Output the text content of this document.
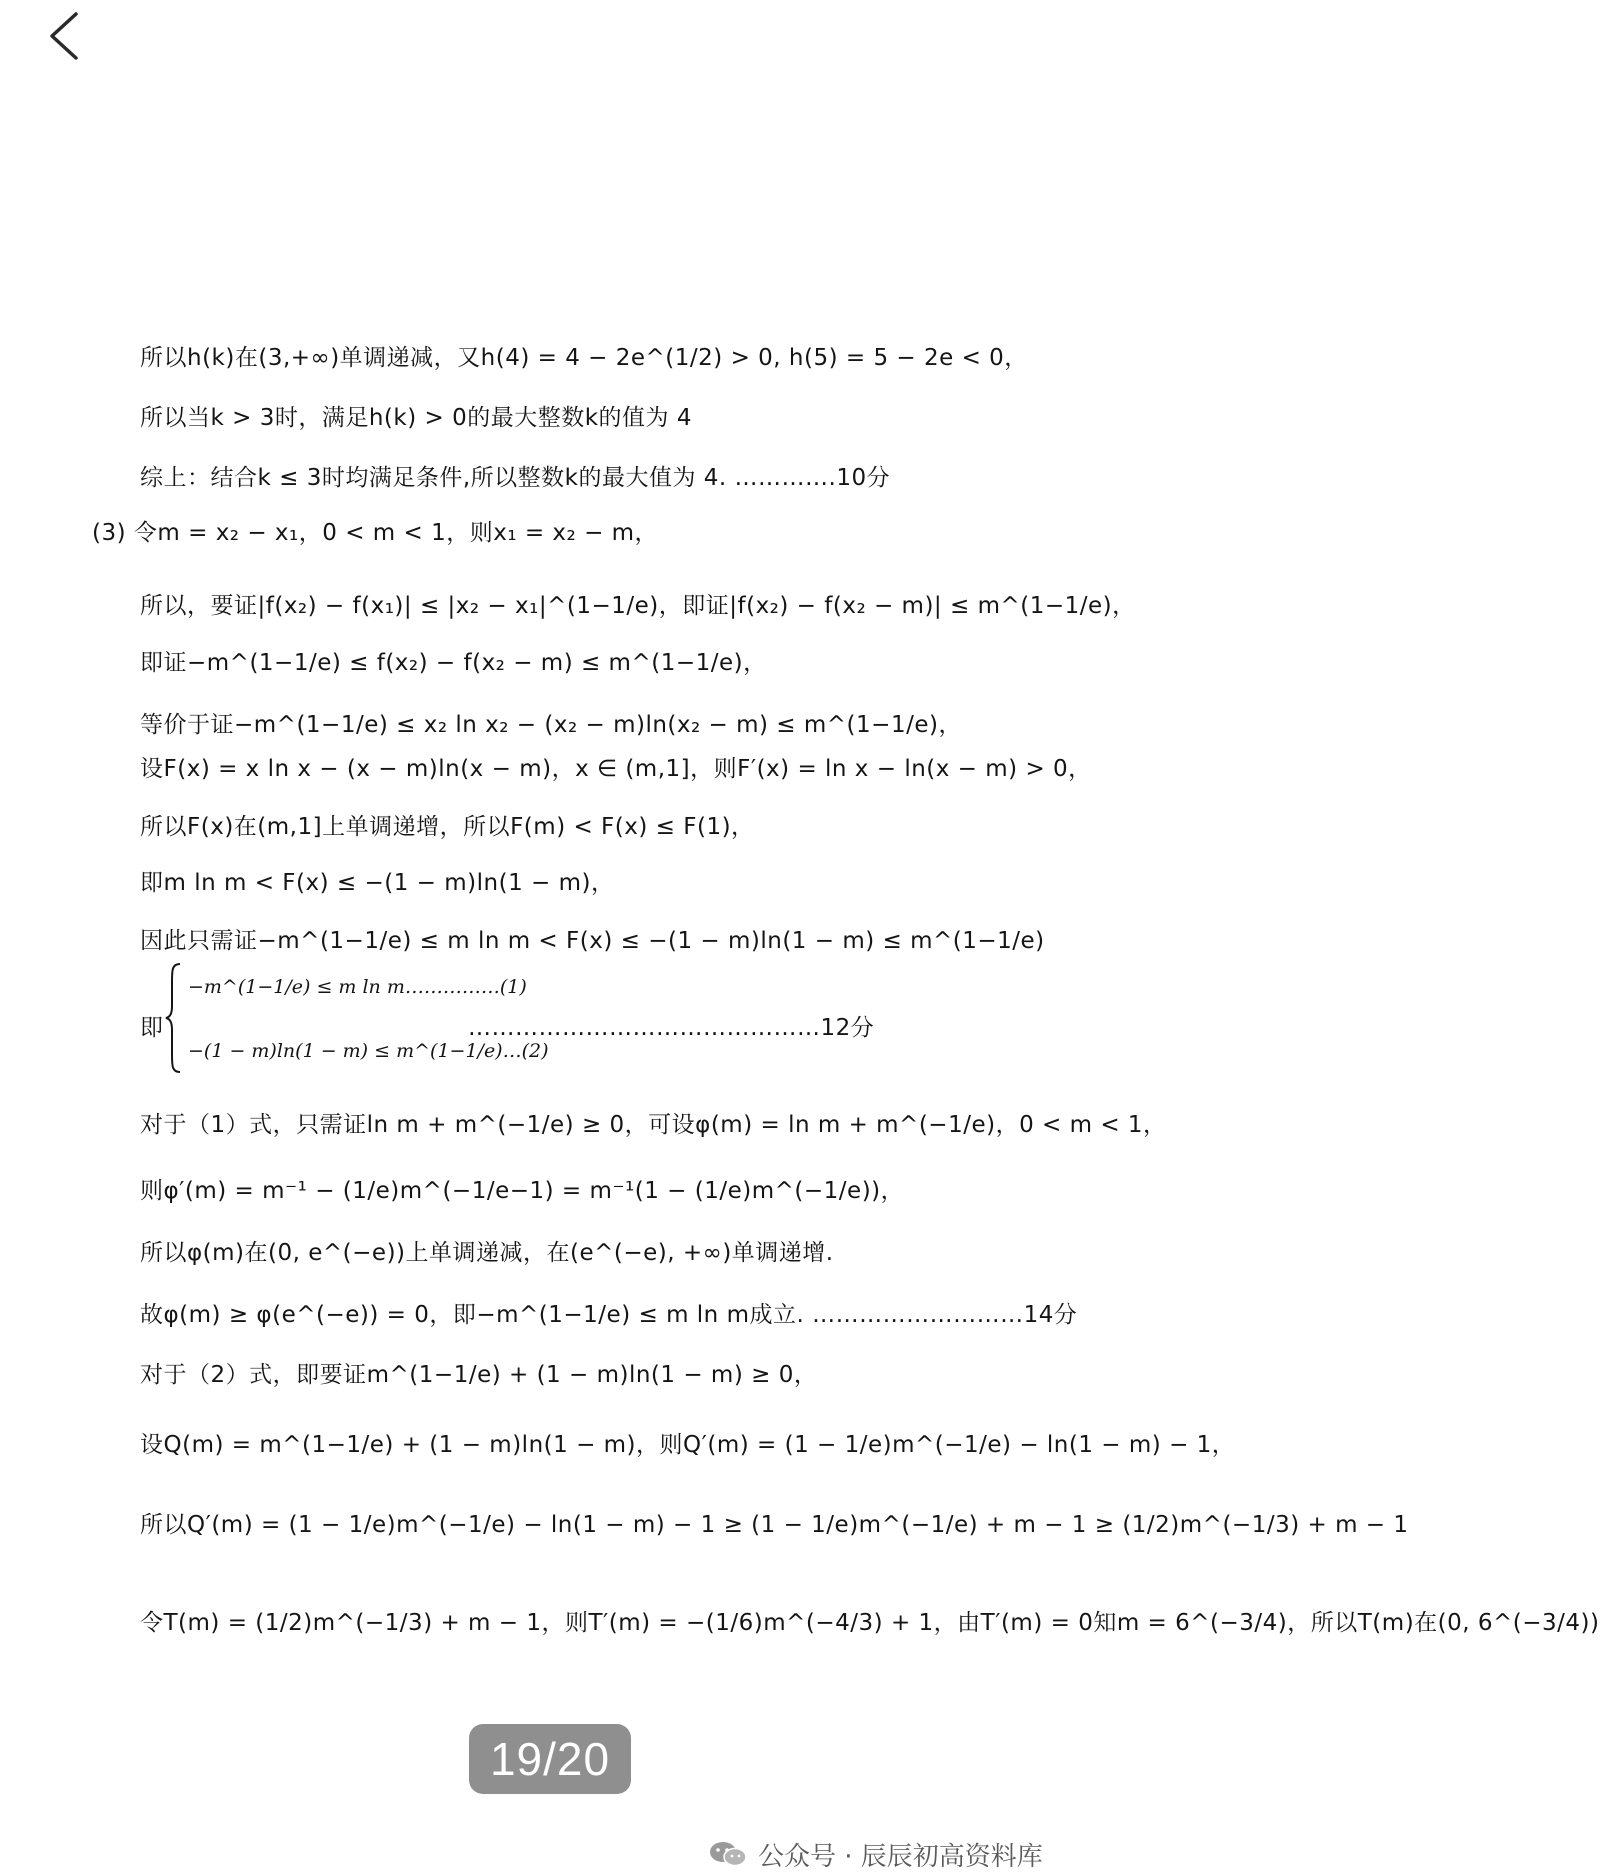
所以h(k)在(3,+∞)单调递减，又h(4) = 4 − 2e^(1/2) > 0, h(5) = 5 − 2e < 0，
所以当k > 3时，满足h(k) > 0的最大整数k的值为 4
综上：结合k ≤ 3时均满足条件,所以整数k的最大值为 4. ………….10分
(3) 令m = x₂ − x₁，0 < m < 1，则x₁ = x₂ − m，
所以，要证|f(x₂) − f(x₁)| ≤ |x₂ − x₁|^(1−1/e)，即证|f(x₂) − f(x₂ − m)| ≤ m^(1−1/e)，
即证−m^(1−1/e) ≤ f(x₂) − f(x₂ − m) ≤ m^(1−1/e)，
等价于证−m^(1−1/e) ≤ x₂ ln x₂ − (x₂ − m)ln(x₂ − m) ≤ m^(1−1/e)，
设F(x) = x ln x − (x − m)ln(x − m)，x ∈ (m,1]，则F′(x) = ln x − ln(x − m) > 0，
所以F(x)在(m,1]上单调递增，所以F(m) < F(x) ≤ F(1)，
即m ln m < F(x) ≤ −(1 − m)ln(1 − m)，
因此只需证−m^(1−1/e) ≤ m ln m < F(x) ≤ −(1 − m)ln(1 − m) ≤ m^(1−1/e)
即
−m^(1−1/e) ≤ m ln m……………(1)
−(1 − m)ln(1 − m) ≤ m^(1−1/e)…(2)
………………………………………12分
对于（1）式，只需证ln m + m^(−1/e) ≥ 0，可设φ(m) = ln m + m^(−1/e)，0 < m < 1，
则φ′(m) = m⁻¹ − (1/e)m^(−1/e−1) = m⁻¹(1 − (1/e)m^(−1/e))，
所以φ(m)在(0, e^(−e))上单调递减，在(e^(−e), +∞)单调递增.
故φ(m) ≥ φ(e^(−e)) = 0，即−m^(1−1/e) ≤ m ln m成立. ………………………14分
对于（2）式，即要证m^(1−1/e) + (1 − m)ln(1 − m) ≥ 0，
设Q(m) = m^(1−1/e) + (1 − m)ln(1 − m)，则Q′(m) = (1 − 1/e)m^(−1/e) − ln(1 − m) − 1，
所以Q′(m) = (1 − 1/e)m^(−1/e) − ln(1 − m) − 1 ≥ (1 − 1/e)m^(−1/e) + m − 1 ≥ (1/2)m^(−1/3) + m − 1
令T(m) = (1/2)m^(−1/3) + m − 1，则T′(m) = −(1/6)m^(−4/3) + 1，由T′(m) = 0知m = 6^(−3/4)，所以T(m)在(0, 6^(−3/4))
19/20
公众号 · 辰辰初高资料库
